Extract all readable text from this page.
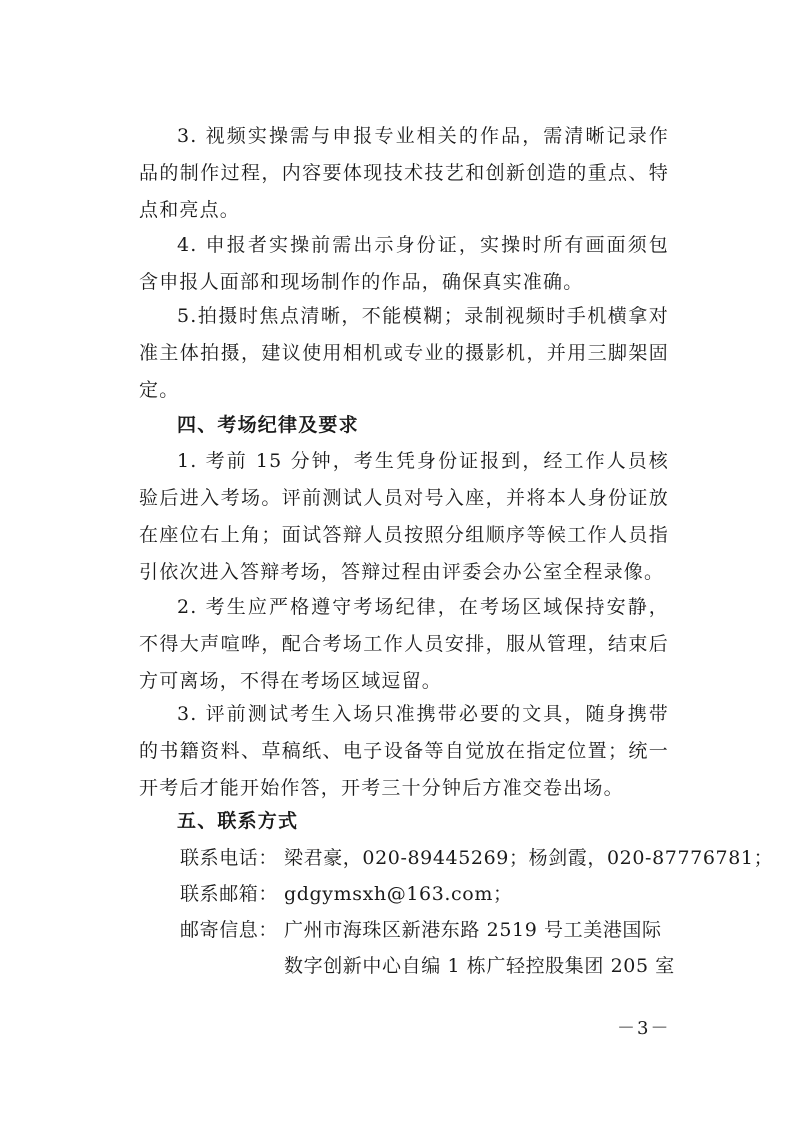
3. 视频实操需与申报专业相关的作品，需清晰记录作品的制作过程，内容要体现技术技艺和创新创造的重点、特点和亮点。

4. 申报者实操前需出示身份证，实操时所有画面须包含申报人面部和现场制作的作品，确保真实准确。

5.拍摄时焦点清晰，不能模糊；录制视频时手机横拿对准主体拍摄，建议使用相机或专业的摄影机，并用三脚架固定。

四、考场纪律及要求

1. 考前 15 分钟，考生凭身份证报到，经工作人员核验后进入考场。评前测试人员对号入座，并将本人身份证放在座位右上角；面试答辩人员按照分组顺序等候工作人员指引依次进入答辩考场，答辩过程由评委会办公室全程录像。

2. 考生应严格遵守考场纪律，在考场区域保持安静，不得大声喧哗，配合考场工作人员安排，服从管理，结束后方可离场，不得在考场区域逗留。

3. 评前测试考生入场只准携带必要的文具，随身携带的书籍资料、草稿纸、电子设备等自觉放在指定位置；统一开考后才能开始作答，开考三十分钟后方准交卷出场。

五、联系方式

联系电话： 梁君豪，020-89445269；杨剑霞，020-87776781；
联系邮箱： gdgymsxh@163.com；
邮寄信息： 广州市海珠区新港东路 2519 号工美港国际
数字创新中心自编 1 栋广轻控股集团 205 室
－3－
